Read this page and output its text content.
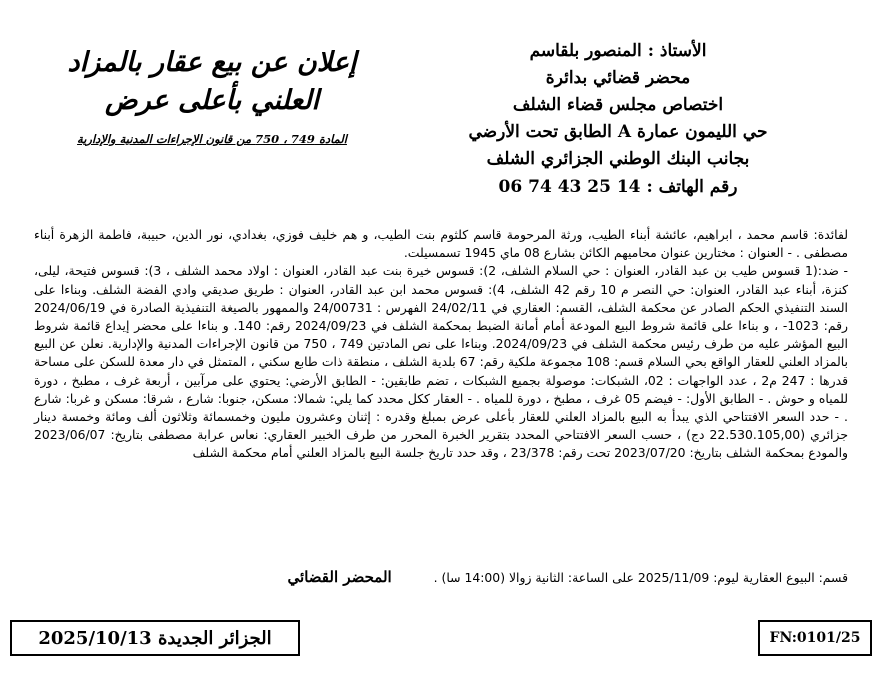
الأستاذ : المنصور بلقاسم
محضر قضائي بدائرة
اختصاص مجلس قضاء الشلف
حي الليمون عمارة A الطابق تحت الأرضي
بجانب البنك الوطني الجزائري الشلف
رقم الهاتف : 06 74 43 25 14
إعلان عن بيع عقار بالمزاد
العلني بأعلى عرض
المادة 749 ، 750 من قانون الإجراءات المدنية والإدارية
لفائدة: قاسم محمد ، ابراهيم، عائشة أبناء الطيب، ورثة المرحومة قاسم كلثوم بنت الطيب، و هم خليف فوزي، بغدادي، نور الدين، حبيبة، فاطمة الزهرة أبناء مصطفى . - العنوان : مختارين عنوان محاميهم الكائن بشارع 08 ماي 1945 تسمسيلت.
- ضد:(1 قسوس طيب بن عبد القادر، العنوان : حي السلام الشلف، 2): قسوس خيرة بنت عبد القادر، العنوان : اولاد محمد الشلف ، 3): قسوس فتيحة، ليلى، كنزة، أبناء عبد القادر، العنوان: حي النصر م 10 رقم 42 الشلف، 4): قسوس محمد ابن عبد القادر، العنوان : طريق صديقي وادي الفضة الشلف. وبناءا على السند التنفيذي الحكم الصادر عن محكمة الشلف، القسم: العقاري في 24/02/11 الفهرس : 24/00731 والممهور بالصيغة التنفيذية الصادرة في 2024/06/19 رقم: 1023- ، و بناءا على قائمة شروط البيع المودعة أمام أمانة الضبط بمحكمة الشلف في 2024/09/23 رقم: 140. و بناءا على محضر إيداع قائمة شروط البيع المؤشر عليه من طرف رئيس محكمة الشلف في 2024/09/23. وبناءا على نص المادتين 749 ، 750 من قانون الإجراءات المدنية والإدارية. نعلن عن البيع بالمزاد العلني للعقار الواقع بحي السلام قسم: 108 مجموعة ملكية رقم: 67 بلدية الشلف ، منطقة ذات طابع سكني ، المتمثل في دار معدة للسكن على مساحة قدرها : 247 م2 ، عدد الواجهات : 02، الشبكات: موصولة بجميع الشبكات ، تضم طابقين: - الطابق الأرضي: يحتوي على مرآبين ، أربعة غرف ، مطبخ ، دورة للمياه و حوش . - الطابق الأول: - فيضم 05 غرف ، مطبخ ، دورة للمياه . - العقار ككل محدد كما يلي: شمالا: مسكن، جنوبا: شارع ، شرقا: مسكن و غربا: شارع . - حدد السعر الافتتاحي الذي يبدأ به البيع بالمزاد العلني للعقار بأعلى عرض بمبلغ وقدره : إثنان وعشرون مليون وخمسمائة وثلاثون ألف ومائة وخمسة دينار جزائري (22.530.105,00 دج) ، حسب السعر الافتتاحي المحدد بتقرير الخبرة المحرر من طرف الخبير العقاري: نعاس عرابة مصطفى بتاريخ: 2023/06/07 والمودع بمحكمة الشلف بتاريخ: 2023/07/20 تحت رقم: 23/378 ، وقد حدد تاريخ جلسة البيع بالمزاد العلني أمام محكمة الشلف
قسم: البيوع العقارية ليوم: 2025/11/09 على الساعة: الثانية زوالا (14:00 سا) . المحضر القضائي
الجزائر الجديدة 2025/10/13	FN:0101/25
